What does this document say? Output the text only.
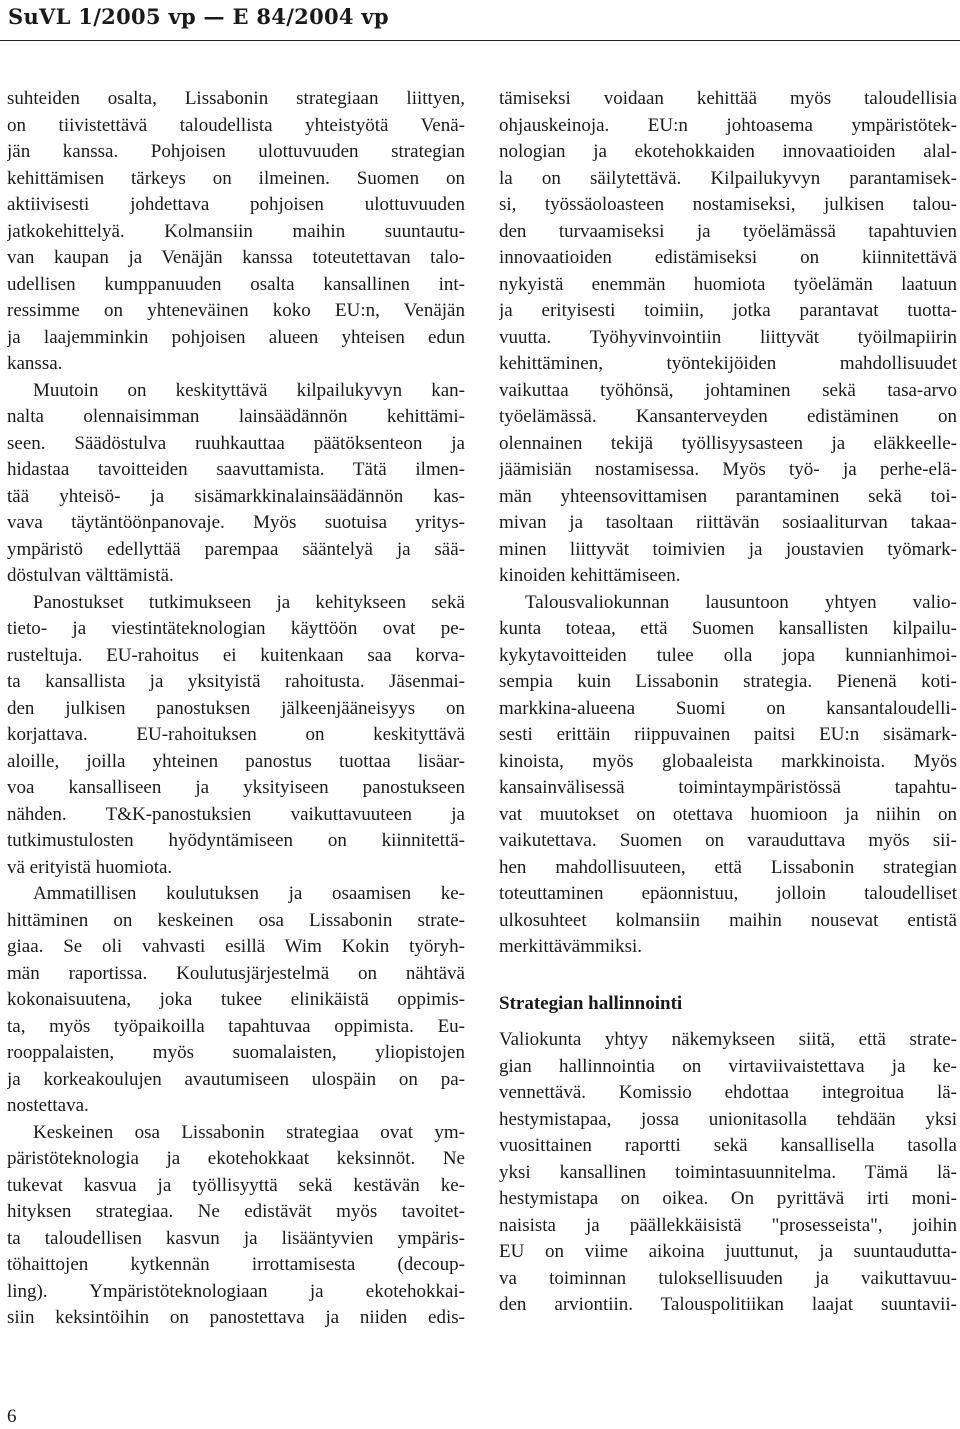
SuVL 1/2005 vp — E 84/2004 vp
suhteiden osalta, Lissabonin strategiaan liittyen,
on tiivistettävä taloudellista yhteistyötä Venä-
jän kanssa. Pohjoisen ulottuvuuden strategian
kehittämisen tärkeys on ilmeinen. Suomen on
aktiivisesti johdettava pohjoisen ulottuvuuden
jatkokehittelyä. Kolmansiin maihin suuntautu-
van kaupan ja Venäjän kanssa toteutettavan talo-
udellisen kumppanuuden osalta kansallinen int-
ressimme on yhteneväinen koko EU:n, Venäjän
ja laajemminkin pohjoisen alueen yhteisen edun
kanssa.
Muutoin on keskityttävä kilpailukyvyn kan-
nalta olennaisimman lainsäädännön kehittämi-
seen. Säädöstulva ruuhkauttaa päätöksenteon ja
hidastaa tavoitteiden saavuttamista. Tätä ilmen-
tää yhteisö- ja sisämarkkinalainsäädännön kas-
vava täytäntöönpanovaje. Myös suotuisa yritys-
ympäristö edellyttää parempaa sääntelyä ja sää-
döstulvan välttämistä.
Panostukset tutkimukseen ja kehitykseen sekä
tieto- ja viestintäteknologian käyttöön ovat pe-
rusteltuja. EU-rahoitus ei kuitenkaan saa korva-
ta kansallista ja yksityistä rahoitusta. Jäsenmai-
den julkisen panostuksen jälkeenjääneisyys on
korjattava. EU-rahoituksen on keskityttävä
aloille, joilla yhteinen panostus tuottaa lisäar-
voa kansalliseen ja yksityiseen panostukseen
nähden. T&K-panostuksien vaikuttavuuteen ja
tutkimustulosten hyödyntämiseen on kiinnitettä-
vä erityistä huomiota.
Ammatillisen koulutuksen ja osaamisen ke-
hittäminen on keskeinen osa Lissabonin strate-
giaa. Se oli vahvasti esillä Wim Kokin työryh-
män raportissa. Koulutusjärjestelmä on nähtävä
kokonaisuutena, joka tukee elinikäistä oppimis-
ta, myös työpaikoilla tapahtuvaa oppimista. Eu-
rooppalaisten, myös suomalaisten, yliopistojen
ja korkeakoulujen avautumiseen ulospäin on pa-
nostettava.
Keskeinen osa Lissabonin strategiaa ovat ym-
päristöteknologia ja ekotehokkaat keksinnöt. Ne
tukevat kasvua ja työllisyyttä sekä kestävän ke-
hityksen strategiaa. Ne edistävät myös tavoitet-
ta taloudellisen kasvun ja lisääntyvien ympäris-
töhaittojen kytkennän irrottamisesta (decoup-
ling). Ympäristöteknologiaan ja ekotehokkai-
siin keksintöihin on panostettava ja niiden edis-
tämiseksi voidaan kehittää myös taloudellisia
ohjauskeinoja. EU:n johtoasema ympäristötek-
nologian ja ekotehokkaiden innovaatioiden alal-
la on säilytettävä. Kilpailukyvyn parantamisek-
si, työssäoloasteen nostamiseksi, julkisen talou-
den turvaamiseksi ja työelämässä tapahtuvien
innovaatioiden edistämiseksi on kiinnitettävä
nykyistä enemmän huomiota työelämän laatuun
ja erityisesti toimiin, jotka parantavat tuotta-
vuutta. Työhyvinvointiin liittyvät työilmapiirin
kehittäminen, työntekijöiden mahdollisuudet
vaikuttaa työhönsä, johtaminen sekä tasa-arvo
työelämässä. Kansanterveyden edistäminen on
olennainen tekijä työllisyysasteen ja eläkkeelle-
jäämisiän nostamisessa. Myös työ- ja perhe-elä-
män yhteensovittamisen parantaminen sekä toi-
mivan ja tasoltaan riittävän sosiaaliturvan takaa-
minen liittyvät toimivien ja joustavien työmark-
kinoiden kehittämiseen.
Talousvaliokunnan lausuntoon yhtyen valio-
kunta toteaa, että Suomen kansallisten kilpailu-
kykytavoitteiden tulee olla jopa kunnianhimoi-
sempia kuin Lissabonin strategia. Pienenä koti-
markkina-alueena Suomi on kansantaloudelli-
sesti erittäin riippuvainen paitsi EU:n sisämark-
kinoista, myös globaaleista markkinoista. Myös
kansainvälisessä toimintaympäristössä tapahtu-
vat muutokset on otettava huomioon ja niihin on
vaikutettava. Suomen on varauduttava myös sii-
hen mahdollisuuteen, että Lissabonin strategian
toteuttaminen epäonnistuu, jolloin taloudelliset
ulkosuhteet kolmansiin maihin nousevat entistä
merkittävämmiksi.
Strategian hallinnointi
Valiokunta yhtyy näkemykseen siitä, että strate-
gian hallinnointia on virtaviivaistettava ja ke-
vennettävä. Komissio ehdottaa integroitua lä-
hestymistapaa, jossa unionitasolla tehdään yksi
vuosittainen raportti sekä kansallisella tasolla
yksi kansallinen toimintasuunnitelma. Tämä lä-
hestymistapa on oikea. On pyrittävä irti moni-
naisista ja päällekkäisistä "prosesseista", joihin
EU on viime aikoina juuttunut, ja suuntaudutta-
va toiminnan tuloksellisuuden ja vaikuttavuu-
den arviontiin. Talouspolitiikan laajat suuntavii-
6
